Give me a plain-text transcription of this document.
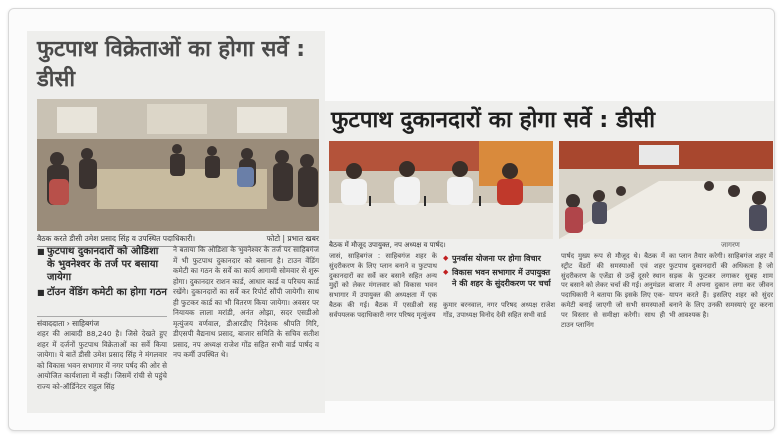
फुटपाथ विक्रेताओं का होगा सर्वे : डीसी
बैठक करते डीसी उमेश प्रसाद सिंह व उपस्थित पदाधिकारी।	फोटो | प्रभात खबर
■ फुटपाथ दुकानदारों को ओडिशा के भुवनेश्वर के तर्ज पर बसाया जायेगा
■ टॉउन वेंडिंग कमेटी का होगा गठन
संवाददाता › साहिबगंज
शहर की आबादी 88,240 है। जिसे देखते हुए शहर में दर्जनों फुटपाथ विक्रेताओं का सर्वे किया जायेगा। ये बातें डीसी उमेश प्रसाद सिंह ने मंगलवार को विकास भवन सभागार में नगर पर्षद की ओर से आयोजित कार्यशाला में कही। जिसमें रांची से पहुंचे राज्य को-ऑर्डिनेटर राहुल सिंह
ने बताया कि ओडिशा के भुवनेश्वर के तर्ज पर साहिबगंज में भी फुटपाथ दुकानदार को बसाना है। टाउन वेंडिंग कमेटी का गठन के सर्वे का कार्य आगामी सोमवार से शुरू होगा। दुकानदार राशन कार्ड, आधार कार्ड व परिचय कार्ड रखेंगे। दुकानदारों का सर्वे कर रिपोर्ट सौंपी जायेगी। साथ ही फुटकर कार्ड का भी वितरण किया जायेगा। अवसर पर नियायक लाला मरांडी, अनंत ओझा, सदर एसडीओ मृत्युंजय वर्णवाल, डीआरडीए निदेशक श्रीपति गिरि, डीएसपी वैद्यनाथ प्रसाद, बाजार समिति के सचिव सतीश प्रसाद, नप अध्यक्ष राजेश गोंड सहित सभी वार्ड पार्षद व नप कर्मी उपस्थित थे।
फुटपाथ दुकानदारों का होगा सर्वे : डीसी
बैठक में मौजूद उपायुक्त, नप अध्यक्ष व पार्षद।	जागरण
जासं, साहिबगंज : साहिबगंज शहर के सुंदरीकरण के लिए प्लान बनाने व फुटपाथ दुकानदारों का सर्वे कर बसाने सहित अन्य मुद्दों को लेकर मंगलवार को विकास भवन सभागार में उपायुक्त की अध्यक्षता में एक बैठक की गई। बैठक में एसडीओ सह सर्वपयलक पदाधिकारी नगर परिषद मृत्युंजय
◆ पुनर्वास योजना पर होगा विचार
◆ विकास भवन सभागार में उपायुक्त ने की शहर के सुंदरीकरण पर चर्चा
कुमार बरनवाल, नगर परिषद अध्यक्ष राजेश गोंड, उपाध्यक्ष विनोद देवी सहित सभी वार्ड
पार्षद मुख्य रूप से मौजूद थे। बैठक में स्ट्रीट वेंडरों की समस्याओं एवं शहर सुंदरीकरण के एजेंडा से उन्हें दूसरे स्थान पर बसाने को लेकर चर्चा की गई। अनुमंडल पदाधिकारी ने बताया कि इसके लिए एक-कमेटी बनाई जाएगी जो सभी समस्याओं पर विस्तार से समीक्षा करेगी। साथ ही टाउन प्लानिंग
का प्लान तैयार करेगी। साहिबगंज शहर में फुटपाथ दुकानदारों की अधिकता है जो सड़क के फुटकर लगाकर सुबह शाम बाजार में अपना दुकान लगा कर जीवन यापन करते हैं। इसलिए शहर को सुंदर बनाने के लिए उनकी समस्याएं दूर करना भी आवश्यक है।
